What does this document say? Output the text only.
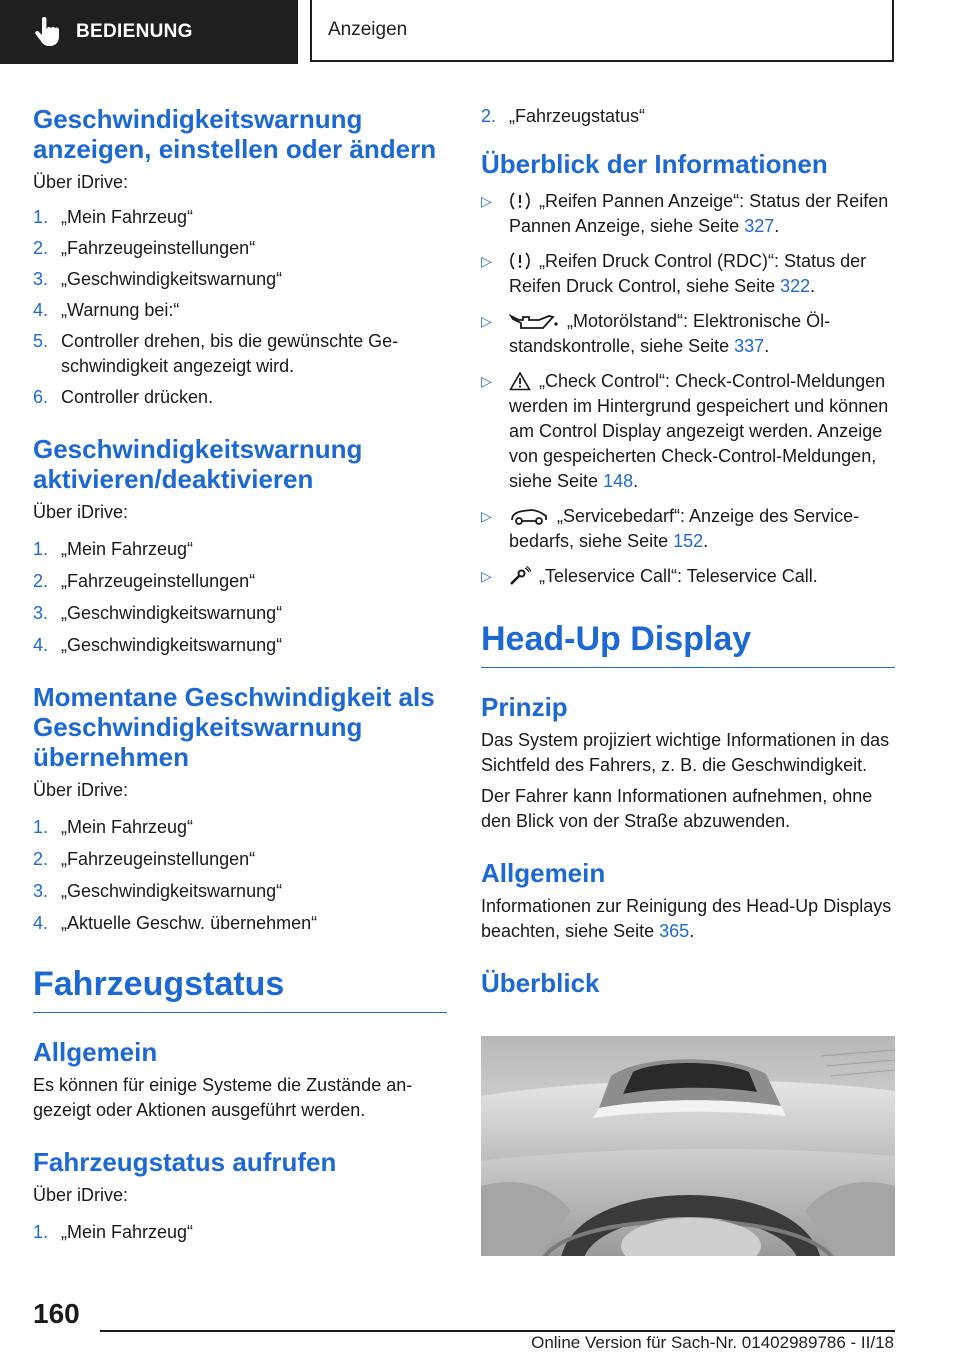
BEDIENUNG	Anzeigen
Geschwindigkeitswarnung anzeigen, einstellen oder ändern

Über iDrive:

1. „Mein Fahrzeug“
2. „Fahrzeugeinstellungen“
3. „Geschwindigkeitswarnung“
4. „Warnung bei:“
5. Controller drehen, bis die gewünschte Geschwindigkeit angezeigt wird.
6. Controller drücken.
Geschwindigkeitswarnung aktivieren/deaktivieren

Über iDrive:

1. „Mein Fahrzeug“
2. „Fahrzeugeinstellungen“
3. „Geschwindigkeitswarnung“
4. „Geschwindigkeitswarnung“
Momentane Geschwindigkeit als Geschwindigkeitswarnung übernehmen

Über iDrive:

1. „Mein Fahrzeug“
2. „Fahrzeugeinstellungen“
3. „Geschwindigkeitswarnung“
4. „Aktuelle Geschw. übernehmen“
Fahrzeugstatus
Allgemein

Es können für einige Systeme die Zustände angezeigt oder Aktionen ausgeführt werden.

Fahrzeugstatus aufrufen

Über iDrive:

1. „Mein Fahrzeug“
2. „Fahrzeugstatus“
Überblick der Informationen
▷	„Reifen Pannen Anzeige“: Status der Reifen Pannen Anzeige, siehe Seite 327.
▷	„Reifen Druck Control (RDC)“: Status der Reifen Druck Control, siehe Seite 322.
▷	„Motorölstand“: Elektronische Ölstandskontrolle, siehe Seite 337.
▷	„Check Control“: Check-Control-Meldungen werden im Hintergrund gespeichert und können am Control Display angezeigt werden. Anzeige von gespeicherten Check-Control-Meldungen, siehe Seite 148.
▷	„Servicebedarf“: Anzeige des Servicebedarfs, siehe Seite 152.
▷	„Teleservice Call“: Teleservice Call.
Head-Up Display
Prinzip

Das System projiziert wichtige Informationen in das Sichtfeld des Fahrers, z. B. die Geschwindigkeit.

Der Fahrer kann Informationen aufnehmen, ohne den Blick von der Straße abzuwenden.

Allgemein

Informationen zur Reinigung des Head-Up Displays beachten, siehe Seite 365.

Überblick
160
Online Version für Sach-Nr. 01402989786 - II/18
